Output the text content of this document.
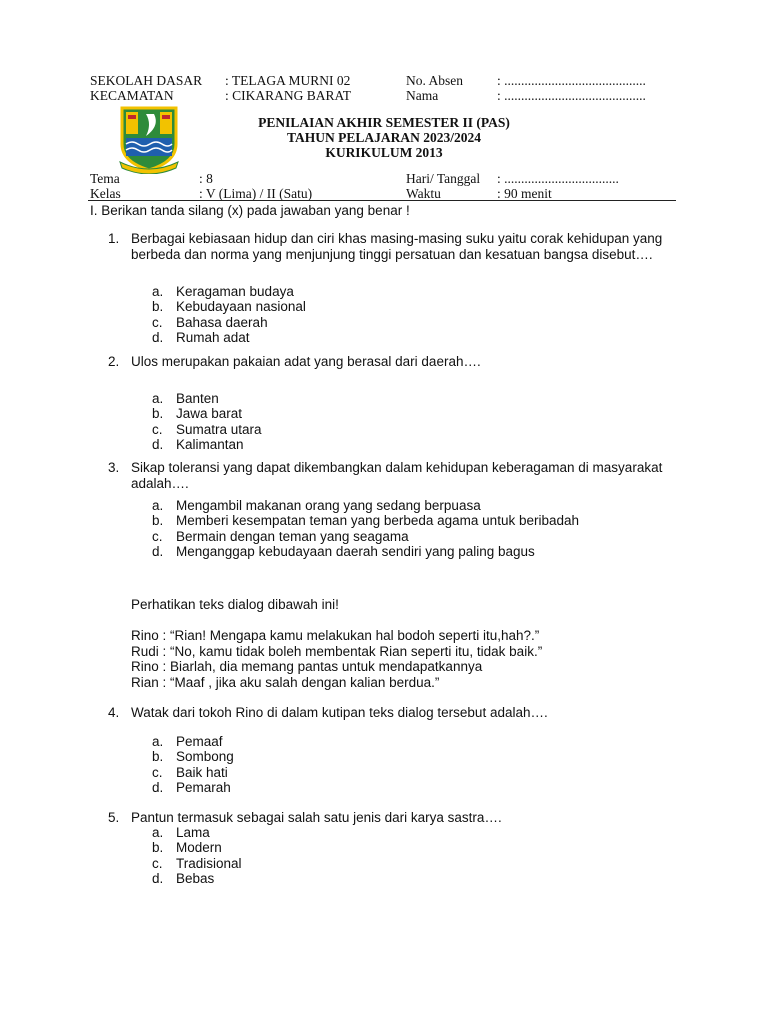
SEKOLAH DASAR : TELAGA MURNI 02
KECAMATAN	: CIKARANG BARAT
No. Absen	: ..........................................
Nama	: ..........................................
PENILAIAN AKHIR SEMESTER II (PAS)
TAHUN PELAJARAN 2023/2024
KURIKULUM 2013
Tema	: 8
Kelas	: V (Lima) / II (Satu)
Hari/ Tanggal : ..................................
Waktu	: 90 menit
I. Berikan tanda silang (x) pada jawaban yang benar !
1. Berbagai kebiasaan hidup dan ciri khas masing-masing suku yaitu corak kehidupan yang berbeda dan norma yang menjunjung tinggi persatuan dan kesatuan bangsa disebut….
a. Keragaman budaya
b. Kebudayaan nasional
c. Bahasa daerah
d. Rumah adat
2. Ulos merupakan pakaian adat yang berasal dari daerah….
a. Banten
b. Jawa barat
c. Sumatra utara
d. Kalimantan
3. Sikap toleransi yang dapat dikembangkan dalam kehidupan keberagaman di masyarakat adalah….
a. Mengambil makanan orang yang sedang berpuasa
b. Memberi kesempatan teman yang berbeda agama untuk beribadah
c. Bermain dengan teman yang seagama
d. Menganggap kebudayaan daerah sendiri yang paling bagus
Perhatikan teks dialog dibawah ini!
Rino : “Rian! Mengapa kamu melakukan hal bodoh seperti itu,hah?.”
Rudi : “No, kamu tidak boleh membentak Rian seperti itu, tidak baik.”
Rino : Biarlah, dia memang pantas untuk mendapatkannya
Rian : “Maaf , jika aku salah dengan kalian berdua.”
4. Watak dari tokoh Rino di dalam kutipan teks dialog tersebut adalah….
a. Pemaaf
b. Sombong
c. Baik hati
d. Pemarah
5. Pantun termasuk sebagai salah satu jenis dari karya sastra….
a. Lama
b. Modern
c. Tradisional
d. Bebas
